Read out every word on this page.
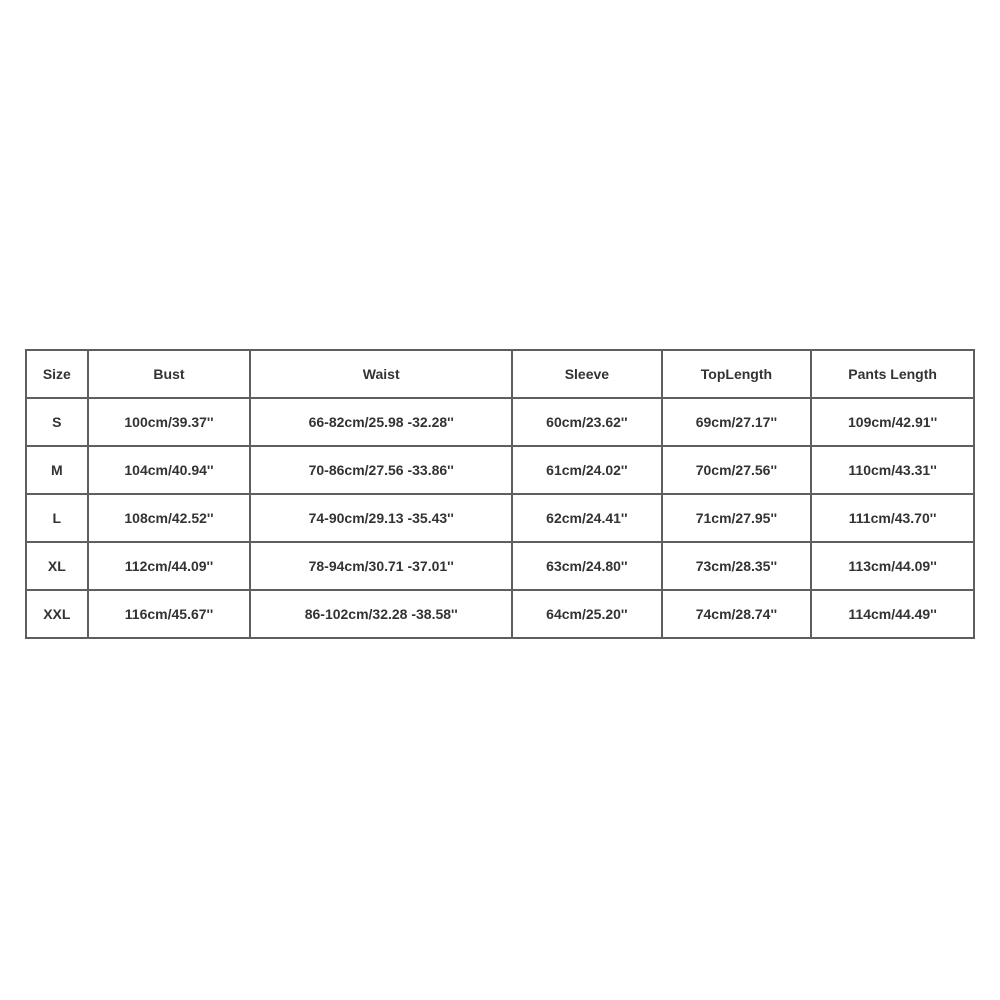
Size	Bust	Waist	Sleeve	TopLength	Pants Length
S	100cm/39.37''	66-82cm/25.98 -32.28''	60cm/23.62''	69cm/27.17''	109cm/42.91''
M	104cm/40.94''	70-86cm/27.56 -33.86''	61cm/24.02''	70cm/27.56''	110cm/43.31''
L	108cm/42.52''	74-90cm/29.13 -35.43''	62cm/24.41''	71cm/27.95''	111cm/43.70''
XL	112cm/44.09''	78-94cm/30.71 -37.01''	63cm/24.80''	73cm/28.35''	113cm/44.09''
XXL	116cm/45.67''	86-102cm/32.28 -38.58''	64cm/25.20''	74cm/28.74''	114cm/44.49''
